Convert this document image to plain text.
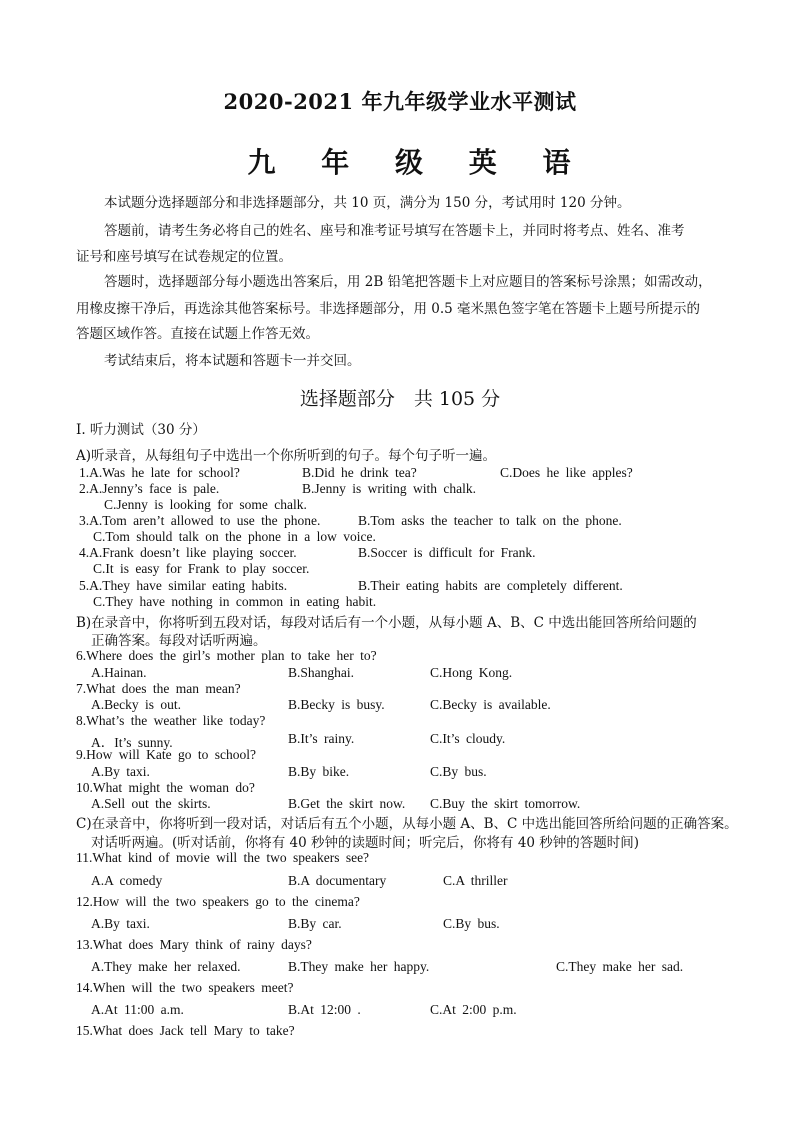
2020-2021 年九年级学业水平测试
九 年 级 英 语
本试题分选择题部分和非选择题部分，共 10 页，满分为 150 分，考试用时 120 分钟。
答题前，请考生务必将自己的姓名、座号和准考证号填写在答题卡上，并同时将考点、姓名、准考
证号和座号填写在试卷规定的位置。
答题时，选择题部分每小题选出答案后，用 2B 铅笔把答题卡上对应题目的答案标号涂黑；如需改动，
用橡皮擦干净后，再选涂其他答案标号。非选择题部分，用 0.5 毫米黑色签字笔在答题卡上题号所提示的
答题区域作答。直接在试题上作答无效。
考试结束后，将本试题和答题卡一并交回。
选择题部分　共 105 分
I. 听力测试（30 分）
A)听录音，从每组句子中选出一个你所听到的句子。每个句子听一遍。
1.A.Was he late for school?	B.Did he drink tea?	C.Does he like apples?
2.A.Jenny’s face is pale.	B.Jenny is writing with chalk.
C.Jenny is looking for some chalk.
3.A.Tom aren’t allowed to use the phone.	B.Tom asks the teacher to talk on the phone.
C.Tom should talk on the phone in a low voice.
4.A.Frank doesn’t like playing soccer.	B.Soccer is difficult for Frank.
C.It is easy for Frank to play soccer.
5.A.They have similar eating habits.	B.Their eating habits are completely different.
C.They have nothing in common in eating habit.
B)在录音中，你将听到五段对话，每段对话后有一个小题，从每小题 A、B、C 中选出能回答所给问题的
正确答案。每段对话听两遍。
6.Where does the girl’s mother plan to take her to?
A.Hainan.	B.Shanghai.	C.Hong Kong.
7.What does the man mean?
A.Becky is out.	B.Becky is busy.	C.Becky is available.
8.What’s the weather like today?
A．It’s sunny.	B.It’s rainy.	C.It’s cloudy.
9.How will Kate go to school?
A.By taxi.	B.By bike.	C.By bus.
10.What might the woman do?
A.Sell out the skirts.	B.Get the skirt now. C.Buy the skirt tomorrow.
C)在录音中，你将听到一段对话，对话后有五个小题，从每小题 A、B、C 中选出能回答所给问题的正确答案。
对话听两遍。(听对话前，你将有 40 秒钟的读题时间；听完后，你将有 40 秒钟的答题时间)
11.What kind of movie will the two speakers see?
A.A comedy	B.A documentary	C.A thriller
12.How will the two speakers go to the cinema?
A.By taxi.	B.By car.	C.By bus.
13.What does Mary think of rainy days?
A.They make her relaxed.	B.They make her happy.	C.They make her sad.
14.When will the two speakers meet?
A.At 11:00 a.m.	B.At 12:00 .	C.At 2:00 p.m.
15.What does Jack tell Mary to take?
